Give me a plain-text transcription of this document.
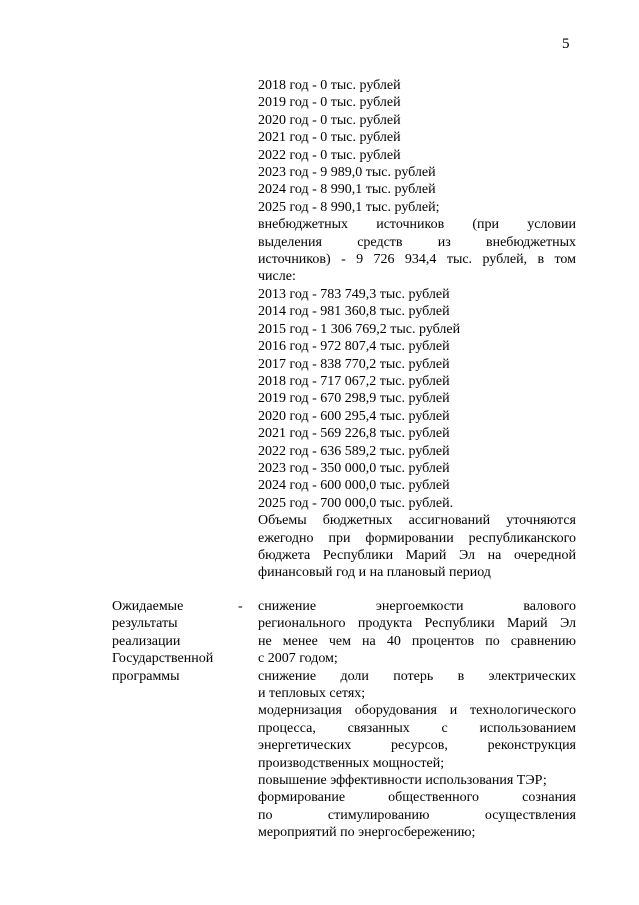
5
2018 год - 0 тыс. рублей
2019 год - 0 тыс. рублей
2020 год - 0 тыс. рублей
2021 год - 0 тыс. рублей
2022 год - 0 тыс. рублей
2023 год - 9 989,0 тыс. рублей
2024 год - 8 990,1 тыс. рублей
2025 год - 8 990,1 тыс. рублей;
внебюджетных источников (при условии
выделения средств из внебюджетных
источников) - 9 726 934,4 тыс. рублей, в том
числе:
2013 год - 783 749,3 тыс. рублей
2014 год - 981 360,8 тыс. рублей
2015 год - 1 306 769,2 тыс. рублей
2016 год - 972 807,4 тыс. рублей
2017 год - 838 770,2 тыс. рублей
2018 год - 717 067,2 тыс. рублей
2019 год - 670 298,9 тыс. рублей
2020 год - 600 295,4 тыс. рублей
2021 год - 569 226,8 тыс. рублей
2022 год - 636 589,2 тыс. рублей
2023 год - 350 000,0 тыс. рублей
2024 год - 600 000,0 тыс. рублей
2025 год - 700 000,0 тыс. рублей.
Объемы бюджетных ассигнований уточняются
ежегодно при формировании республиканского
бюджета Республики Марий Эл на очередной
финансовый год и на плановый период
Ожидаемые
результаты
реализации
Государственной
программы
- снижение энергоемкости валового
регионального продукта Республики Марий Эл
не менее чем на 40 процентов по сравнению
с 2007 годом;
снижение доли потерь в электрических
и тепловых сетях;
модернизация оборудования и технологического
процесса, связанных с использованием
энергетических ресурсов, реконструкция
производственных мощностей;
повышение эффективности использования ТЭР;
формирование общественного сознания
по стимулированию осуществления
мероприятий по энергосбережению;
